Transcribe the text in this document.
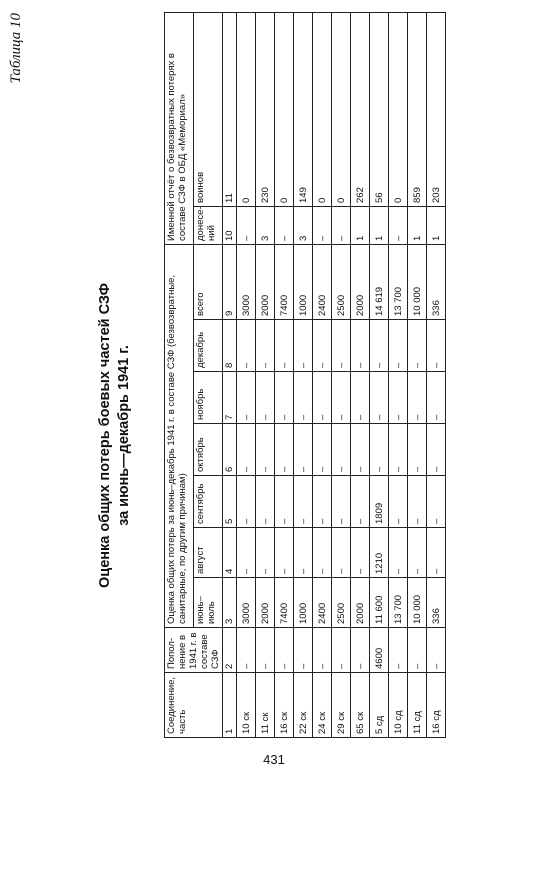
Таблица 10
Оценка общих потерь боевых частей СЗФ за июнь—декабрь 1941 г.
Соединение, часть	Пополнение в 1941 г. в составе СЗФ	Оценка общих потерь за июнь–декабрь 1941 г. в составе СЗФ (безвозвратные, санитарные, по другим причинам)							Именной отчёт о безвозвратных потерях в составе СЗФ в ОБД «Мемориал»	
		июнь–июль	август	сентябрь	октябрь	ноябрь	декабрь	всего	донесений	воинов
1	2	3	4	5	6	7	8	9	10	11
10 ск	–	3000	–	–	–	–	–	3000	–	0
11 ск	–	2000	–	–	–	–	–	2000	3	230
16 ск	–	7400	–	–	–	–	–	7400	–	0
22 ск	–	1000	–	–	–	–	–	1000	3	149
24 ск	–	2400	–	–	–	–	–	2400	–	0
29 ск	–	2500	–	–	–	–	–	2500	–	0
65 ск	–	2000	–	–	–	–	–	2000	1	262
5 сд	4600	11 600	1210	1809	–	–	–	14 619	1	56
10 сд	–	13 700	–	–	–	–	–	13 700	–	0
11 сд	–	10 000	–	–	–	–	–	10 000	1	859
16 сд	–	336	–	–	–	–	–	336	1	203
431
